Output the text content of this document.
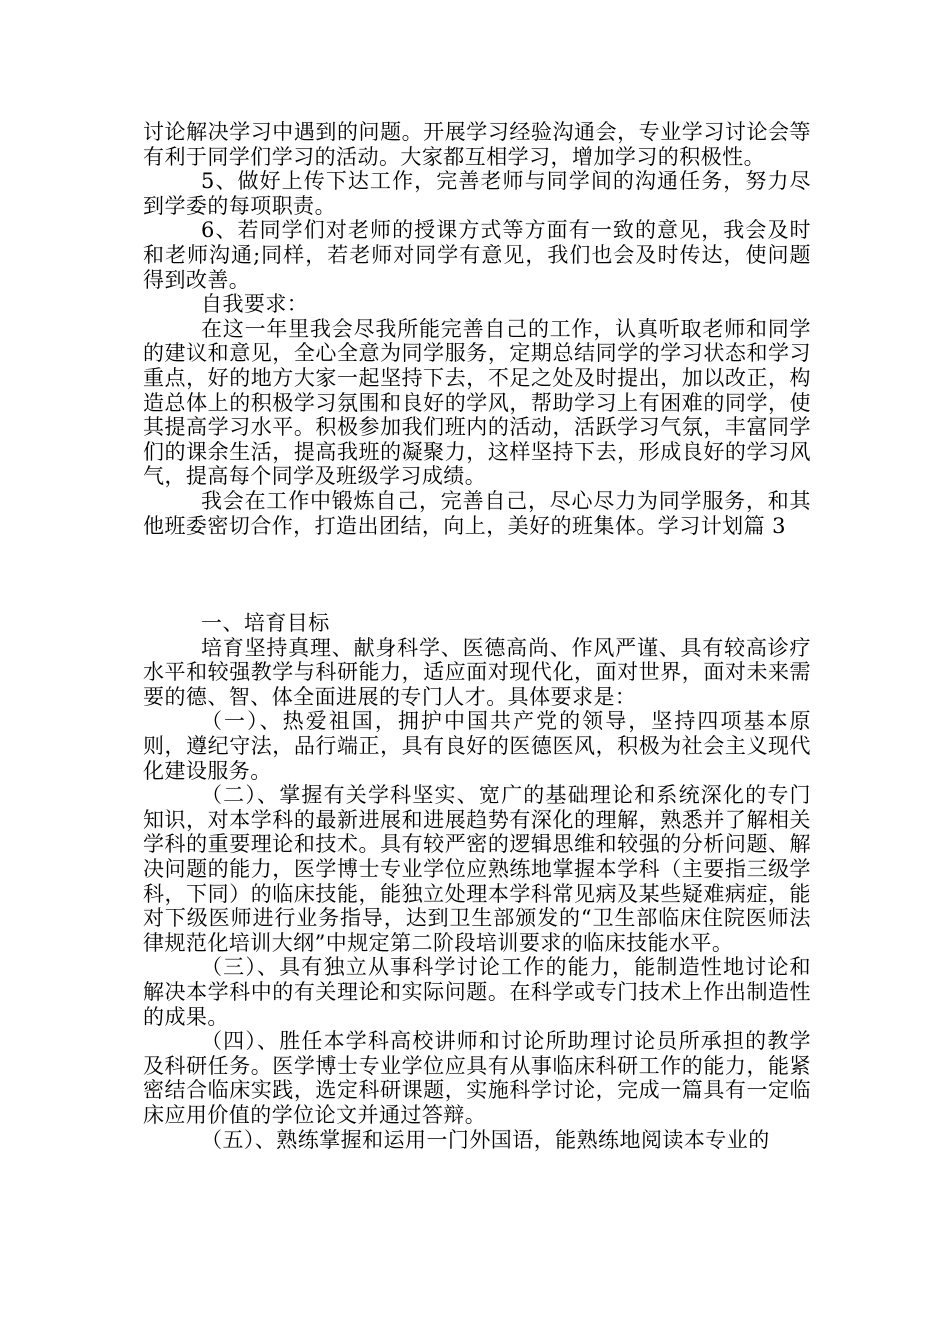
讨论解决学习中遇到的问题。开展学习经验沟通会，专业学习讨论会等有利于同学们学习的活动。大家都互相学习，增加学习的积极性。

5、做好上传下达工作，完善老师与同学间的沟通任务，努力尽到学委的每项职责。

6、若同学们对老师的授课方式等方面有一致的意见，我会及时和老师沟通;同样，若老师对同学有意见，我们也会及时传达，使问题得到改善。

自我要求：

在这一年里我会尽我所能完善自己的工作，认真听取老师和同学的建议和意见，全心全意为同学服务，定期总结同学的学习状态和学习重点，好的地方大家一起坚持下去，不足之处及时提出，加以改正，构造总体上的积极学习氛围和良好的学风，帮助学习上有困难的同学，使其提高学习水平。积极参加我们班内的活动，活跃学习气氛，丰富同学们的课余生活，提高我班的凝聚力，这样坚持下去，形成良好的学习风气，提高每个同学及班级学习成绩。

我会在工作中锻炼自己，完善自己，尽心尽力为同学服务，和其他班委密切合作，打造出团结，向上，美好的班集体。学习计划篇 3

一、培育目标

培育坚持真理、献身科学、医德高尚、作风严谨、具有较高诊疗水平和较强教学与科研能力，适应面对现代化，面对世界，面对未来需要的德、智、体全面进展的专门人才。具体要求是：

（一）、热爱祖国，拥护中国共产党的领导，坚持四项基本原则，遵纪守法，品行端正，具有良好的医德医风，积极为社会主义现代化建设服务。

（二）、掌握有关学科坚实、宽广的基础理论和系统深化的专门知识，对本学科的最新进展和进展趋势有深化的理解，熟悉并了解相关学科的重要理论和技术。具有较严密的逻辑思维和较强的分析问题、解决问题的能力，医学博士专业学位应熟练地掌握本学科（主要指三级学科，下同）的临床技能，能独立处理本学科常见病及某些疑难病症，能对下级医师进行业务指导，达到卫生部颁发的“卫生部临床住院医师法律规范化培训大纲”中规定第二阶段培训要求的临床技能水平。

（三）、具有独立从事科学讨论工作的能力，能制造性地讨论和解决本学科中的有关理论和实际问题。在科学或专门技术上作出制造性的成果。

（四）、胜任本学科高校讲师和讨论所助理讨论员所承担的教学及科研任务。医学博士专业学位应具有从事临床科研工作的能力，能紧密结合临床实践，选定科研课题，实施科学讨论，完成一篇具有一定临床应用价值的学位论文并通过答辩。

（五）、熟练掌握和运用一门外国语，能熟练地阅读本专业的
